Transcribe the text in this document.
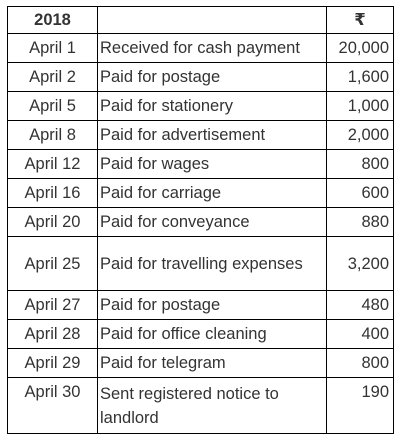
2018		₹
April 1	Received for cash payment	20,000
April 2	Paid for postage	1,600
April 5	Paid for stationery	1,000
April 8	Paid for advertisement	2,000
April 12	Paid for wages	800
April 16	Paid for carriage	600
April 20	Paid for conveyance	880
April 25	Paid for travelling expenses	3,200
April 27	Paid for postage	480
April 28	Paid for office cleaning	400
April 29	Paid for telegram	800
April 30	Sent registered notice to landlord	190
